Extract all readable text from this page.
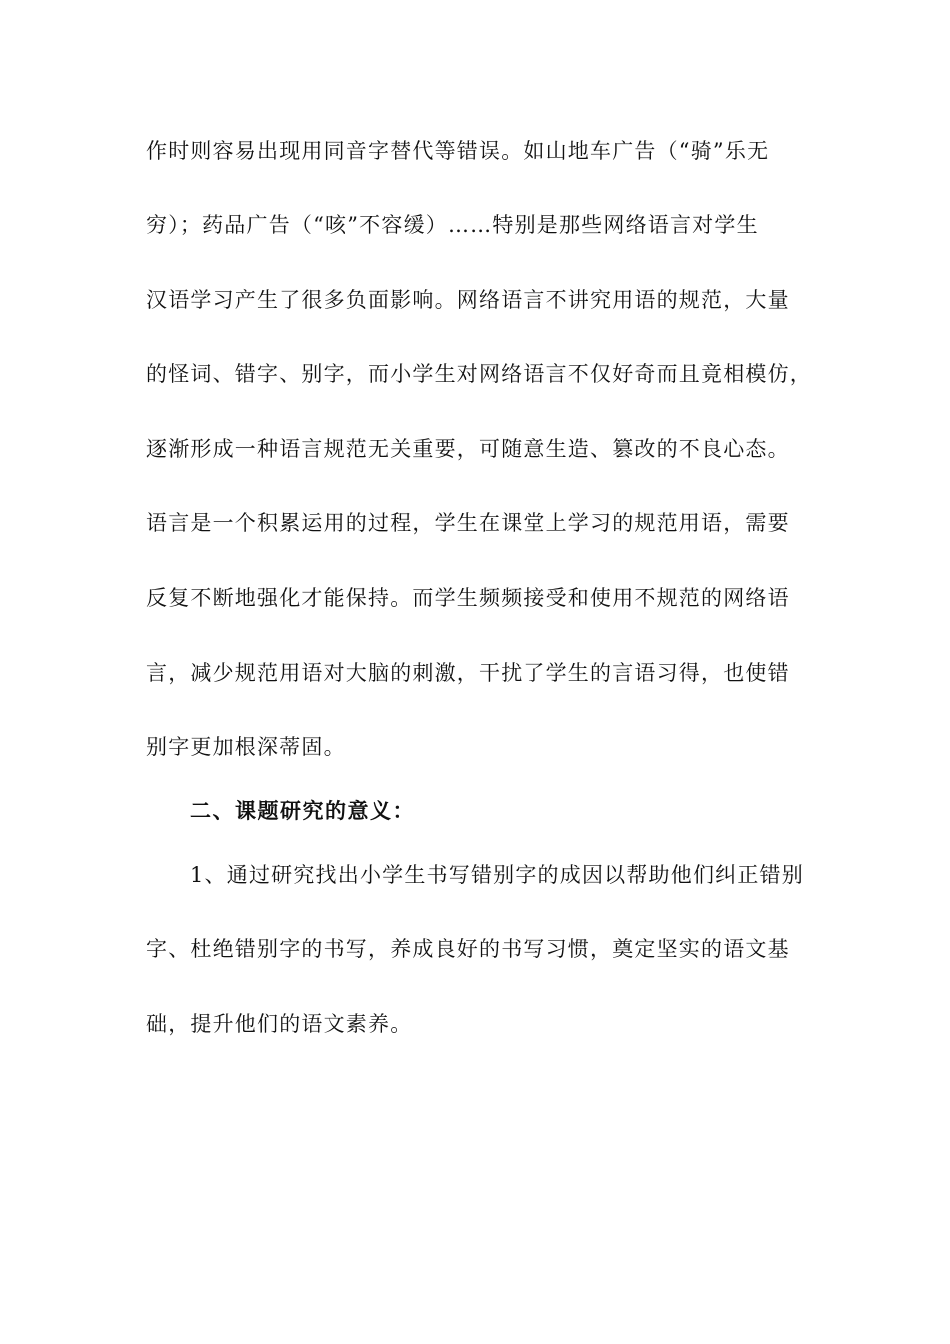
作时则容易出现用同音字替代等错误。如山地车广告（“骑”乐无
穷）；药品广告（“咳”不容缓）……特别是那些网络语言对学生
汉语学习产生了很多负面影响。网络语言不讲究用语的规范，大量
的怪词、错字、别字，而小学生对网络语言不仅好奇而且竟相模仿，
逐渐形成一种语言规范无关重要，可随意生造、篡改的不良心态。
语言是一个积累运用的过程，学生在课堂上学习的规范用语，需要
反复不断地强化才能保持。而学生频频接受和使用不规范的网络语
言，减少规范用语对大脑的刺激，干扰了学生的言语习得，也使错
别字更加根深蒂固。
二、课题研究的意义：
1、通过研究找出小学生书写错别字的成因以帮助他们纠正错别
字、杜绝错别字的书写，养成良好的书写习惯，奠定坚实的语文基
础，提升他们的语文素养。
